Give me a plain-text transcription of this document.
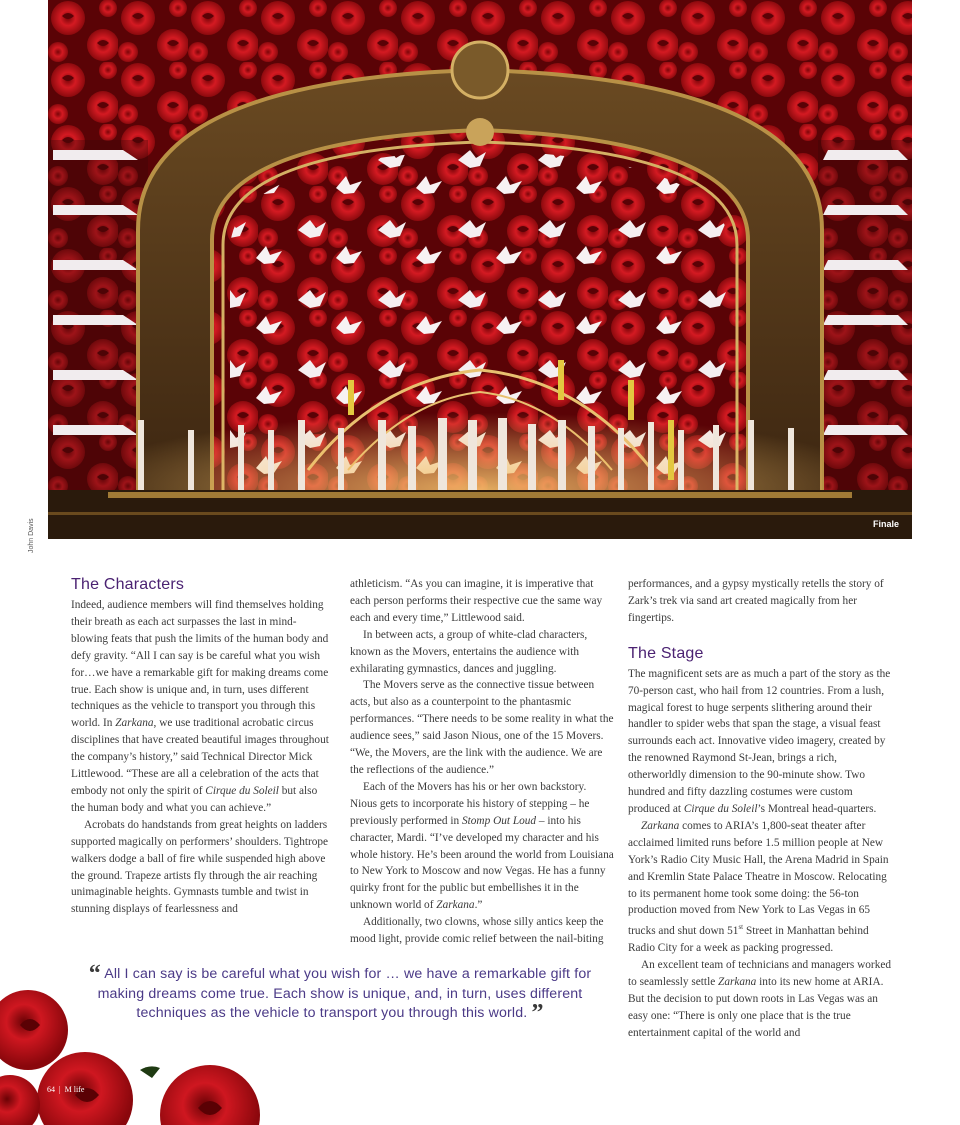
Finale
John Davis
The Characters

Indeed, audience members will find themselves holding their breath as each act surpasses the last in mind-blowing feats that push the limits of the human body and defy gravity. “All I can say is be careful what you wish for…we have a remarkable gift for making dreams come true. Each show is unique and, in turn, uses different techniques as the vehicle to transport you through this world. In Zarkana, we use traditional acrobatic circus disciplines that have created beautiful images throughout the company’s history,” said Technical Director Mick Littlewood. “These are all a celebration of the acts that embody not only the spirit of Cirque du Soleil but also the human body and what you can achieve.”

Acrobats do handstands from great heights on ladders supported magically on performers’ shoulders. Tightrope walkers dodge a ball of fire while suspended high above the ground. Trapeze artists fly through the air reaching unimaginable heights. Gymnasts tumble and twist in stunning displays of fearlessness and

athleticism. “As you can imagine, it is imperative that each person performs their respective cue the same way each and every time,” Littlewood said.

In between acts, a group of white-clad characters, known as the Movers, entertains the audience with exhilarating gymnastics, dances and juggling.

The Movers serve as the connective tissue between acts, but also as a counterpoint to the phantasmic performances. “There needs to be some reality in what the audience sees,” said Jason Nious, one of the 15 Movers. “We, the Movers, are the link with the audience. We are the reflections of the audience.”

Each of the Movers has his or her own backstory. Nious gets to incorporate his history of stepping – he previously performed in Stomp Out Loud – into his character, Mardi. “I’ve developed my character and his whole history. He’s been around the world from Louisiana to New York to Moscow and now Vegas. He has a funny quirky front for the public but embellishes it in the unknown world of Zarkana.”

Additionally, two clowns, whose silly antics keep the mood light, provide comic relief between the nail-biting

performances, and a gypsy mystically retells the story of Zark’s trek via sand art created magically from her fingertips.

The Stage

The magnificent sets are as much a part of the story as the 70-person cast, who hail from 12 countries. From a lush, magical forest to huge serpents slithering around their handler to spider webs that span the stage, a visual feast surrounds each act. Innovative video imagery, created by the renowned Raymond St-Jean, brings a rich, otherworldly dimension to the 90-minute show. Two hundred and fifty dazzling costumes were custom produced at Cirque du Soleil’s Montreal head-quarters.

Zarkana comes to ARIA’s 1,800-seat theater after acclaimed limited runs before 1.5 million people at New York’s Radio City Music Hall, the Arena Madrid in Spain and Kremlin State Palace Theatre in Moscow. Relocating to its permanent home took some doing: the 56-ton production moved from New York to Las Vegas in 65 trucks and shut down 51st Street in Manhattan behind Radio City for a week as packing progressed.

An excellent team of technicians and managers worked to seamlessly settle Zarkana into its new home at ARIA. But the decision to put down roots in Las Vegas was an easy one: “There is only one place that is the true entertainment capital of the world and

“ All I can say is be careful what you wish for … we have a remarkable gift for making dreams come true. Each show is unique, and, in turn, uses different techniques as the vehicle to transport you through this world. ”
64 | M life
